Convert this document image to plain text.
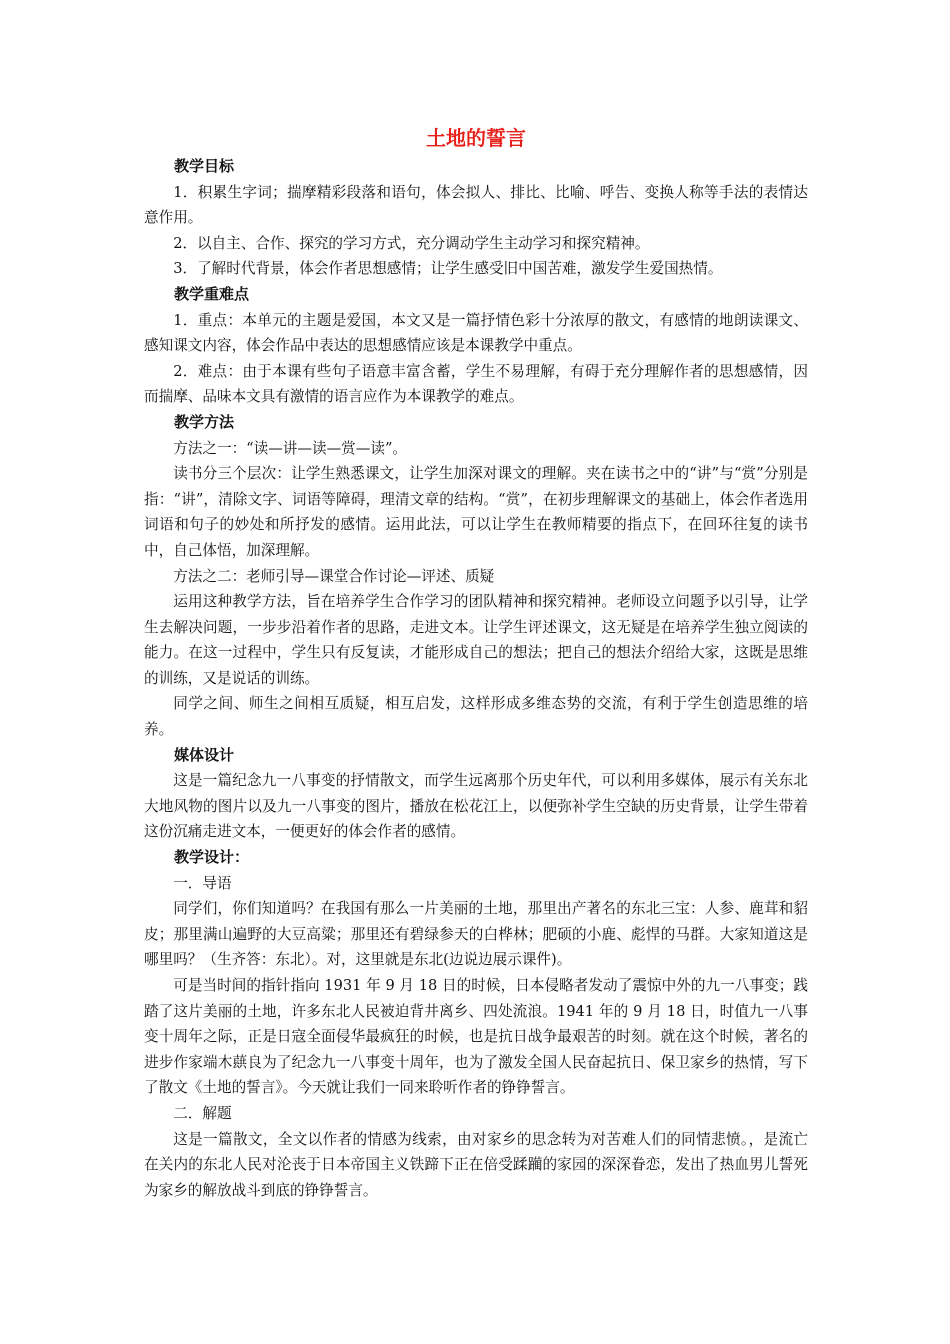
土地的誓言
教学目标

1．积累生字词；揣摩精彩段落和语句，体会拟人、排比、比喻、呼告、变换人称等手法的表情达意作用。

2．以自主、合作、探究的学习方式，充分调动学生主动学习和探究精神。

3．了解时代背景，体会作者思想感情；让学生感受旧中国苦难，激发学生爱国热情。

教学重难点

1．重点：本单元的主题是爱国，本文又是一篇抒情色彩十分浓厚的散文，有感情的地朗读课文、感知课文内容，体会作品中表达的思想感情应该是本课教学中重点。

2．难点：由于本课有些句子语意丰富含蓄，学生不易理解，有碍于充分理解作者的思想感情，因而揣摩、品味本文具有激情的语言应作为本课教学的难点。

教学方法

方法之一：“读—讲—读—赏—读”。

读书分三个层次：让学生熟悉课文，让学生加深对课文的理解。夹在读书之中的“讲”与“赏”分别是指：“讲”，清除文字、词语等障碍，理清文章的结构。“赏”，在初步理解课文的基础上，体会作者选用词语和句子的妙处和所抒发的感情。运用此法，可以让学生在教师精要的指点下，在回环往复的读书中，自己体悟，加深理解。

方法之二：老师引导—课堂合作讨论—评述、质疑

运用这种教学方法，旨在培养学生合作学习的团队精神和探究精神。老师设立问题予以引导，让学生去解决问题，一步步沿着作者的思路，走进文本。让学生评述课文，这无疑是在培养学生独立阅读的能力。在这一过程中，学生只有反复读，才能形成自己的想法；把自己的想法介绍给大家，这既是思维的训练，又是说话的训练。

同学之间、师生之间相互质疑，相互启发，这样形成多维态势的交流，有利于学生创造思维的培养。

媒体设计

这是一篇纪念九一八事变的抒情散文，而学生远离那个历史年代，可以利用多媒体，展示有关东北大地风物的图片以及九一八事变的图片，播放在松花江上，以便弥补学生空缺的历史背景，让学生带着这份沉痛走进文本，一便更好的体会作者的感情。

教学设计：

一．导语

同学们，你们知道吗？在我国有那么一片美丽的土地，那里出产著名的东北三宝：人参、鹿茸和貂皮；那里满山遍野的大豆高粱；那里还有碧绿参天的白桦林；肥硕的小鹿、彪悍的马群。大家知道这是哪里吗？（生齐答：东北）。对，这里就是东北(边说边展示课件)。

可是当时间的指针指向 1931 年 9 月 18 日的时候，日本侵略者发动了震惊中外的九一八事变；践踏了这片美丽的土地，许多东北人民被迫背井离乡、四处流浪。1941 年的 9 月 18 日，时值九一八事变十周年之际，正是日寇全面侵华最疯狂的时候，也是抗日战争最艰苦的时刻。就在这个时候，著名的进步作家端木蕻良为了纪念九一八事变十周年，也为了激发全国人民奋起抗日、保卫家乡的热情，写下了散文《土地的誓言》。今天就让我们一同来聆听作者的铮铮誓言。

二．解题

这是一篇散文，全文以作者的情感为线索，由对家乡的思念转为对苦难人们的同情悲愤。，是流亡在关内的东北人民对沦丧于日本帝国主义铁蹄下正在倍受蹂躏的家园的深深眷恋，发出了热血男儿誓死为家乡的解放战斗到底的铮铮誓言。
